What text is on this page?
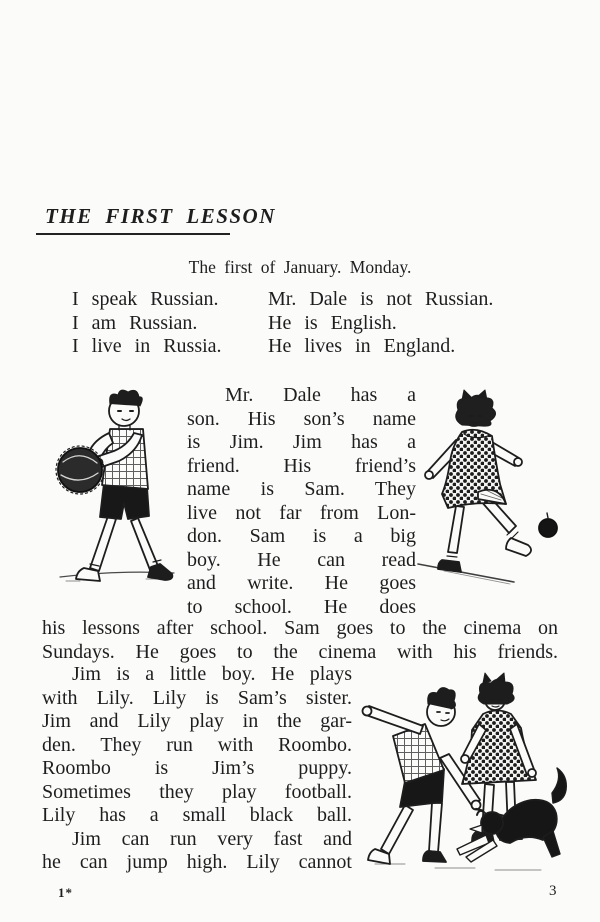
THE FIRST LESSON
The first of January. Monday.
I speak Russian.
I am Russian.
I live in Russia.
Mr. Dale is not Russian.
He is English.
He lives in England.
Mr. Dale has a
son. His son’s name
is Jim. Jim has a
friend. His friend’s
name is Sam. They
live not far from Lon-
don. Sam is a big
boy. He can read
and write. He goes
to school. He does
his lessons after school. Sam goes to the cinema on
Sundays. He goes to the cinema with his friends.
Jim is a little boy. He plays
with Lily. Lily is Sam’s sister.
Jim and Lily play in the gar-
den. They run with Roombo.
Roombo is Jim’s puppy.
Sometimes they play football.
Lily has a small black ball.
Jim can run very fast and
he can jump high. Lily cannot
1*	3
